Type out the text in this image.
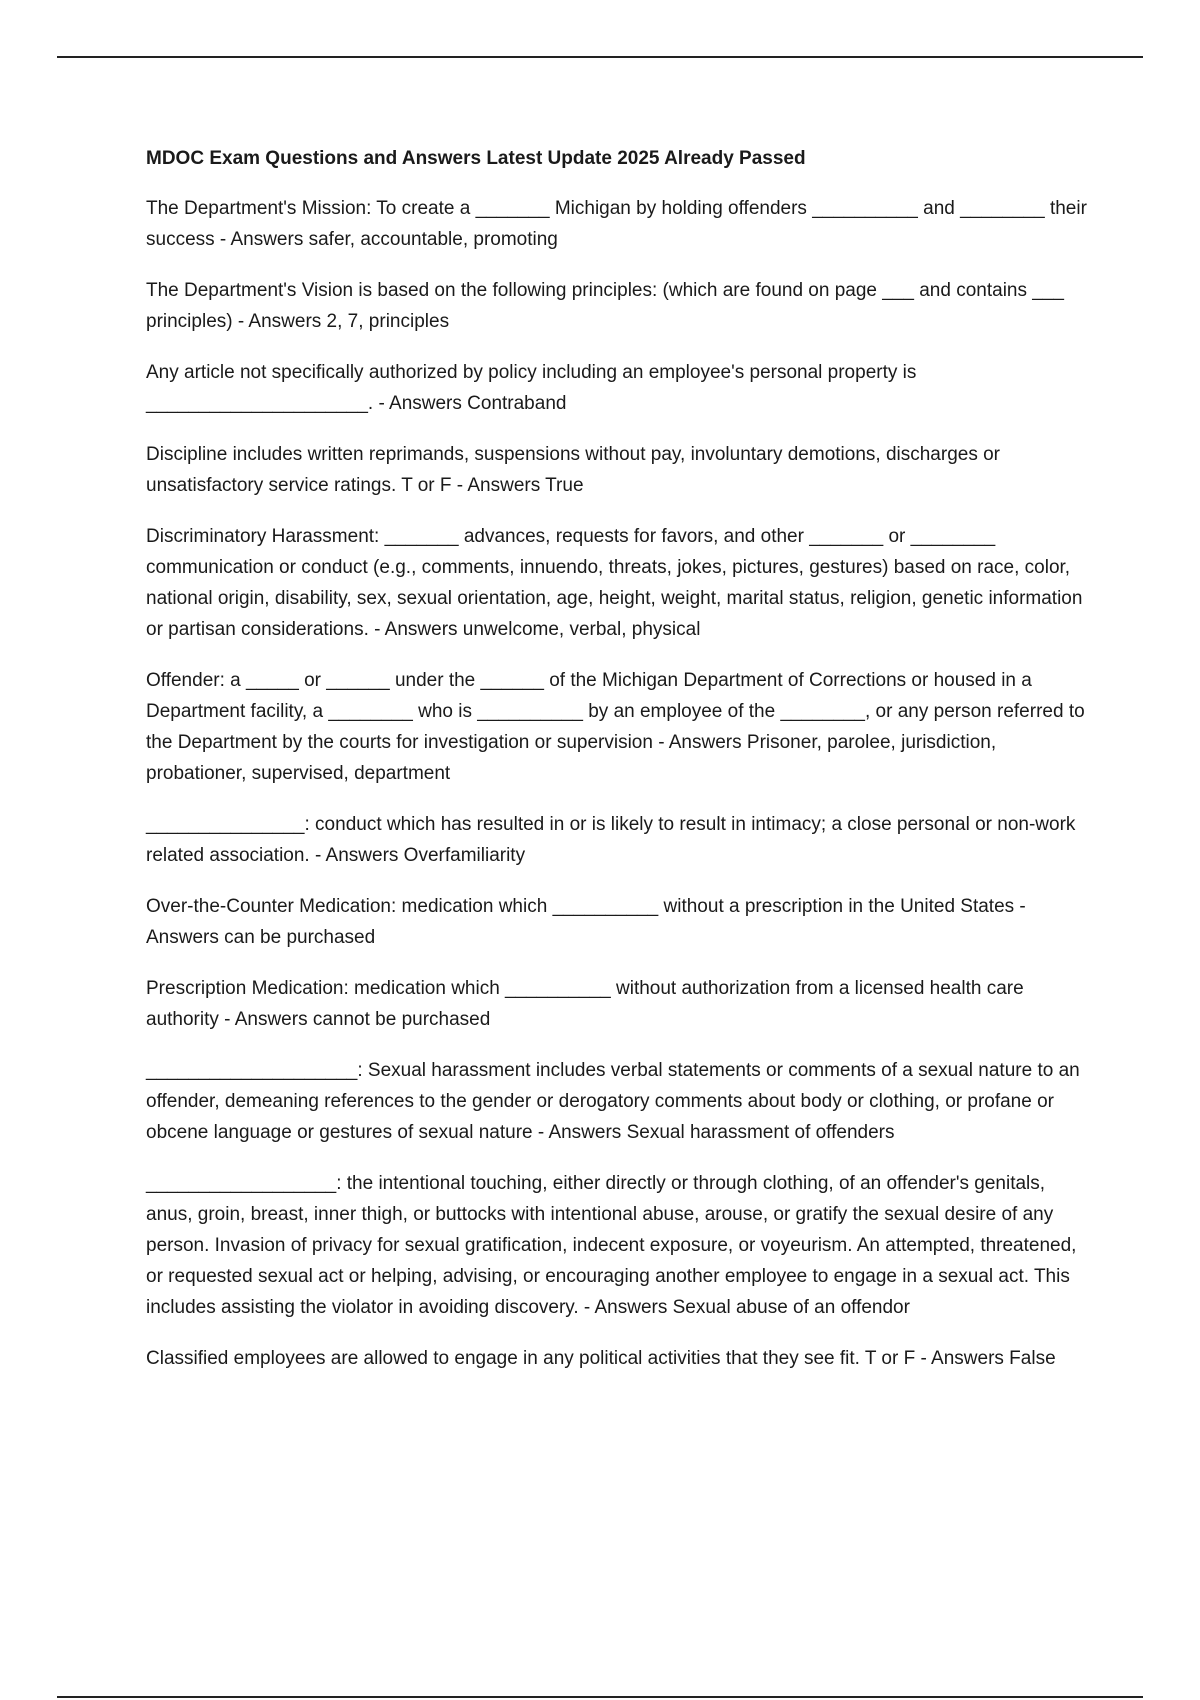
MDOC Exam Questions and Answers Latest Update 2025 Already Passed

The Department's Mission: To create a _______ Michigan by holding offenders __________ and ________ their success - Answers safer, accountable, promoting

The Department's Vision is based on the following principles: (which are found on page ___ and contains ___ principles) - Answers 2, 7, principles

Any article not specifically authorized by policy including an employee's personal property is _____________________. - Answers Contraband

Discipline includes written reprimands, suspensions without pay, involuntary demotions, discharges or unsatisfactory service ratings. T or F - Answers True

Discriminatory Harassment: _______ advances, requests for favors, and other _______ or ________ communication or conduct (e.g., comments, innuendo, threats, jokes, pictures, gestures) based on race, color, national origin, disability, sex, sexual orientation, age, height, weight, marital status, religion, genetic information or partisan considerations. - Answers unwelcome, verbal, physical

Offender: a _____ or ______ under the ______ of the Michigan Department of Corrections or housed in a Department facility, a ________ who is __________ by an employee of the ________, or any person referred to the Department by the courts for investigation or supervision - Answers Prisoner, parolee, jurisdiction, probationer, supervised, department

_______________: conduct which has resulted in or is likely to result in intimacy; a close personal or non-work related association. - Answers Overfamiliarity

Over-the-Counter Medication: medication which __________ without a prescription in the United States - Answers can be purchased

Prescription Medication: medication which __________ without authorization from a licensed health care authority - Answers cannot be purchased

____________________: Sexual harassment includes verbal statements or comments of a sexual nature to an offender, demeaning references to the gender or derogatory comments about body or clothing, or profane or obcene language or gestures of sexual nature - Answers Sexual harassment of offenders

__________________: the intentional touching, either directly or through clothing, of an offender's genitals, anus, groin, breast, inner thigh, or buttocks with intentional abuse, arouse, or gratify the sexual desire of any person. Invasion of privacy for sexual gratification, indecent exposure, or voyeurism. An attempted, threatened, or requested sexual act or helping, advising, or encouraging another employee to engage in a sexual act. This includes assisting the violator in avoiding discovery. - Answers Sexual abuse of an offendor

Classified employees are allowed to engage in any political activities that they see fit. T or F - Answers False
